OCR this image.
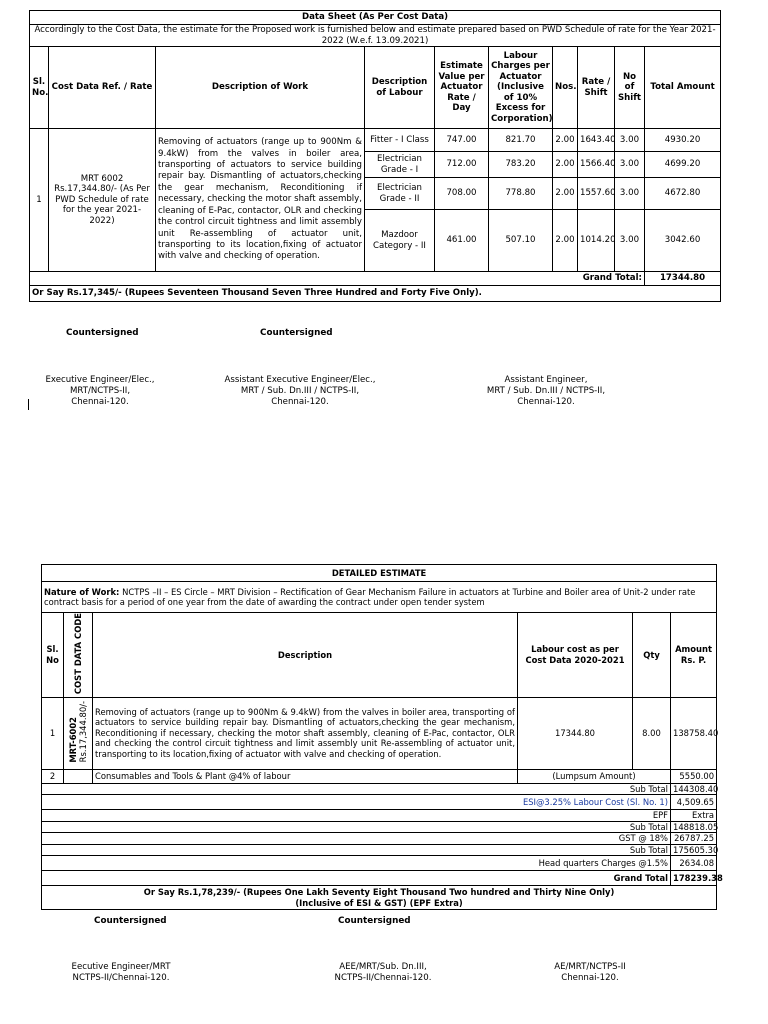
Data Sheet (As Per Cost Data)									
Accordingly to the Cost Data, the estimate for the Proposed work is furnished below and estimate prepared based on PWD Schedule of rate for the Year 2021-2022 (W.e.f. 13.09.2021)									
Sl. No.	Cost Data Ref. / Rate	Description of Work	Description of Labour	Estimate Value per Actuator Rate / Day	Labour Charges per Actuator (Inclusive of 10% Excess for Corporation)	Nos.	Rate / Shift	No of Shift	Total Amount
1	MRT 6002 Rs.17,344.80/- (As Per PWD Schedule of rate for the year 2021-2022)	Removing of actuators (range up to 900Nm & 9.4kW) from the valves in boiler area, transporting of actuators to service building repair bay. Dismantling of actuators,checking the gear mechanism, Reconditioning if necessary, checking the motor shaft assembly, cleaning of E-Pac, contactor, OLR and checking the control circuit tightness and limit assembly unit Re-assembling of actuator unit, transporting to its location,fixing of actuator with valve and checking of operation.	Fitter - I Class	747.00	821.70	2.00	1643.40	3.00	4930.20
			Electrician Grade - I	712.00	783.20	2.00	1566.40	3.00	4699.20
			Electrician Grade - II	708.00	778.80	2.00	1557.60	3.00	4672.80
			Mazdoor Category - II	461.00	507.10	2.00	1014.20	3.00	3042.60
Grand Total:									17344.80
Or Say Rs.17,345/- (Rupees Seventeen Thousand Seven Three Hundred and Forty Five Only).									
Countersigned	Countersigned
Executive Engineer/Elec.,
MRT/NCTPS-II,
Chennai-120.
Assistant Executive Engineer/Elec.,
MRT / Sub. Dn.III / NCTPS-II,
Chennai-120.
Assistant Engineer,
MRT / Sub. Dn.III / NCTPS-II,
Chennai-120.
DETAILED ESTIMATE					
Nature of Work: NCTPS –II – ES Circle – MRT Division – Rectification of Gear Mechanism Failure in actuators at Turbine and Boiler area of Unit-2 under rate contract basis for a period of one year from the date of awarding the contract under open tender system					
Sl. No	COST DATA CODE	Description	Labour cost as per Cost Data 2020-2021	Qty	Amount
Rs. P.

1	MRT-6002Rs.17,344.80/-	Removing of actuators (range up to 900Nm & 9.4kW) from the valves in boiler area, transporting of actuators to service building repair bay. Dismantling of actuators,checking the gear mechanism, Reconditioning if necessary, checking the motor shaft assembly, cleaning of E-Pac, contactor, OLR and checking the control circuit tightness and limit assembly unit Re-assembling of actuator unit, transporting to its location,fixing of actuator with valve and checking of operation.	17344.80	8.00	138758.40
2		Consumables and Tools & Plant @4% of labour	(Lumpsum Amount)		5550.00
Sub Total					144308.40
ESI@3.25% Labour Cost (Sl. No. 1)					4,509.65
EPF					Extra
Sub Total					148818.05
GST @ 18%					26787.25
Sub Total					175605.30
Head quarters Charges @1.5%					2634.08
Grand Total					178239.38

Or Say Rs.1,78,239/- (Rupees One Lakh Seventy Eight Thousand Two hundred and Thirty Nine Only)
(Inclusive of ESI & GST) (EPF Extra)					
Countersigned	Countersigned
Eecutive Engineer/MRT
NCTPS-II/Chennai-120.
AEE/MRT/Sub. Dn.III,
NCTPS-II/Chennai-120.
AE/MRT/NCTPS-II
Chennai-120.
